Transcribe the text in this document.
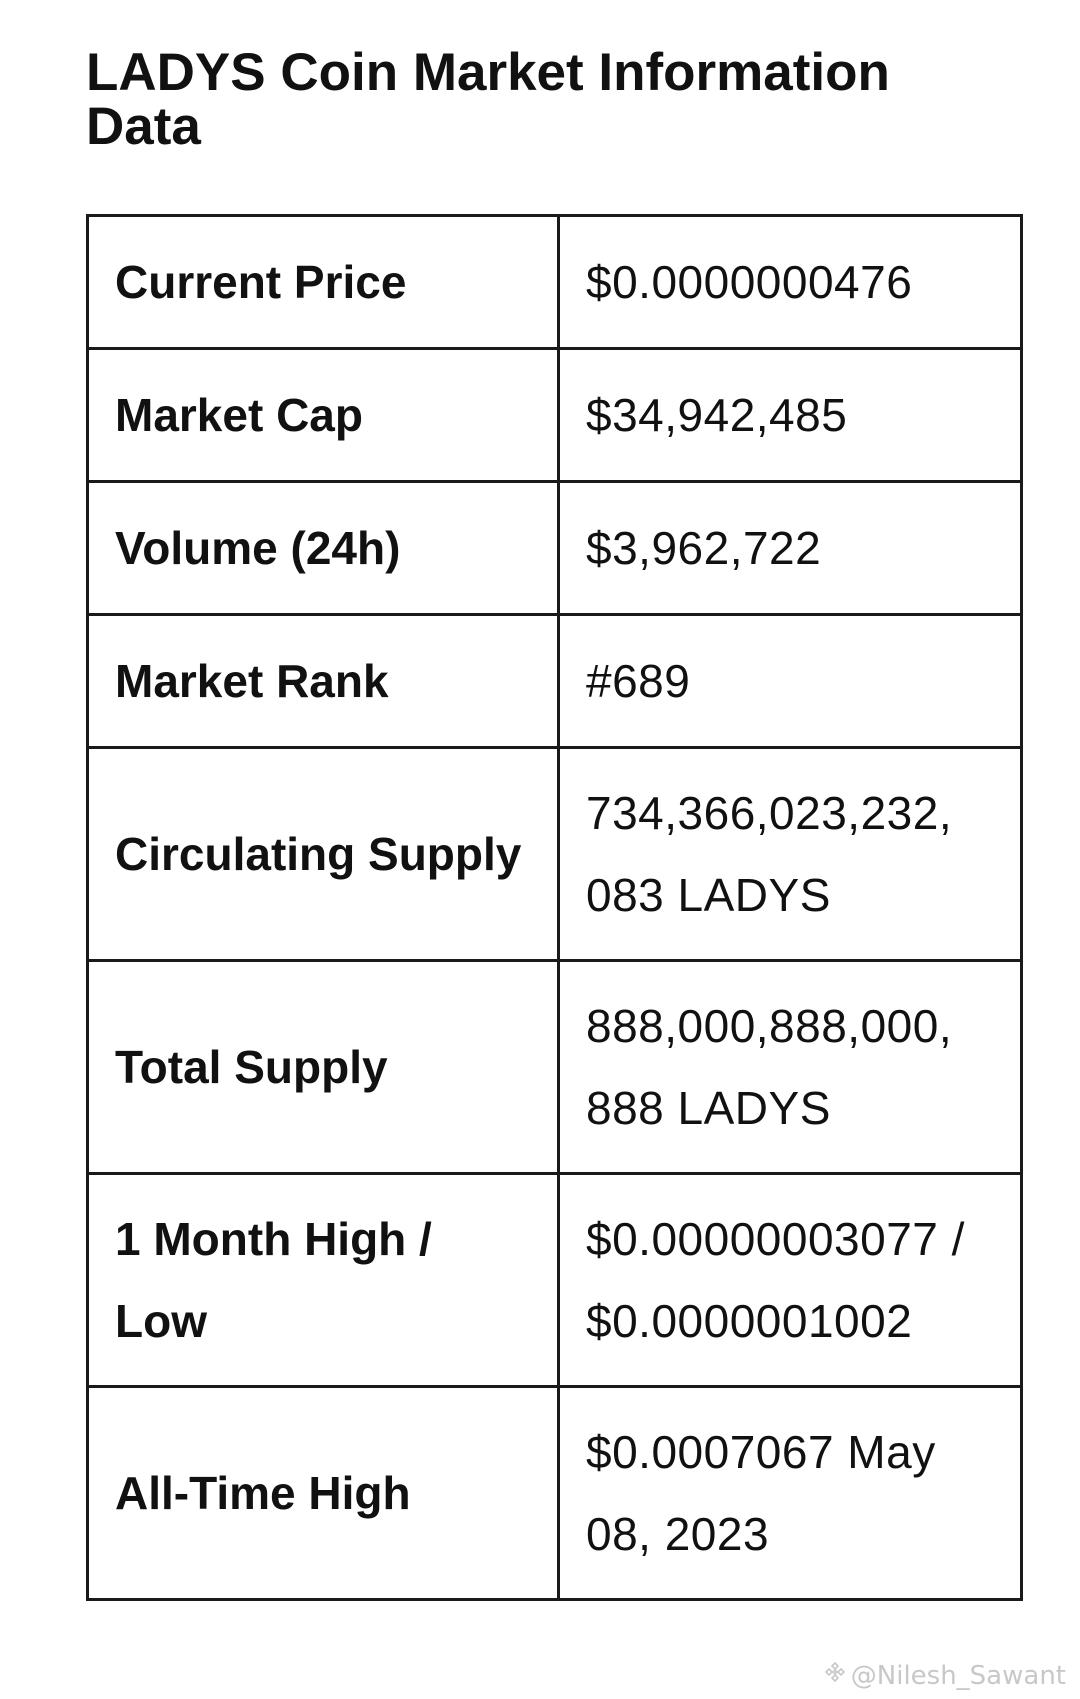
LADYS Coin Market Information Data
Current Price	$0.0000000476
Market Cap	$34,942,485
Volume (24h)	$3,962,722
Market Rank	#689
Circulating Supply	734,366,023,232, 083 LADYS
Total Supply	888,000,888,000, 888 LADYS
1 Month High / Low	$0.00000003077 / $0.0000001002
All-Time High	$0.0007067 May 08, 2023
@Nilesh_Sawant
